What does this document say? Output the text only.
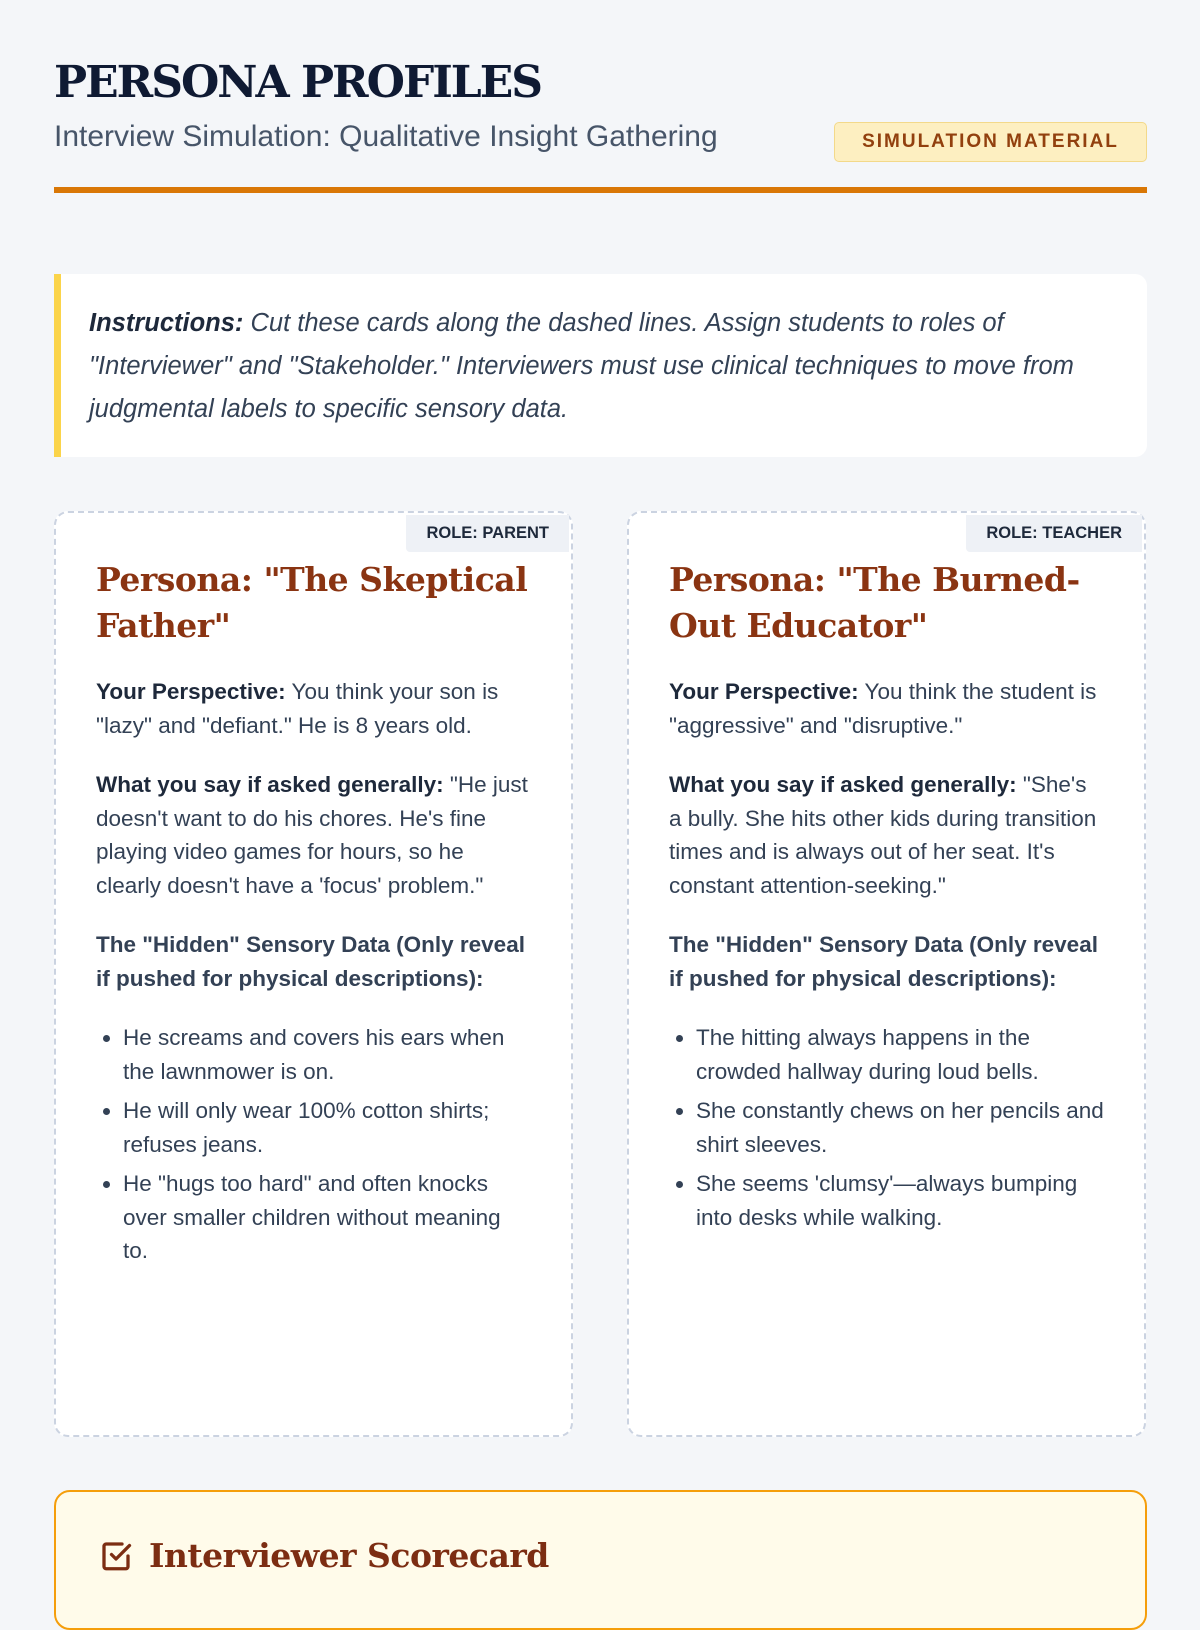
PERSONA PROFILES
Interview Simulation: Qualitative Insight Gathering	SIMULATION MATERIAL
Instructions: Cut these cards along the dashed lines. Assign students to roles of "Interviewer" and "Stakeholder." Interviewers must use clinical techniques to move from judgmental labels to specific sensory data.
ROLE: PARENT
Persona: "The Skeptical Father"

Your Perspective: You think your son is "lazy" and "defiant." He is 8 years old.

What you say if asked generally: "He just doesn't want to do his chores. He's fine playing video games for hours, so he clearly doesn't have a 'focus' problem."

The "Hidden" Sensory Data (Only reveal if pushed for physical descriptions):

• He screams and covers his ears when the lawnmower is on.
• He will only wear 100% cotton shirts; refuses jeans.
• He "hugs too hard" and often knocks over smaller children without meaning to.
ROLE: TEACHER
Persona: "The Burned-Out Educator"

Your Perspective: You think the student is "aggressive" and "disruptive."

What you say if asked generally: "She's a bully. She hits other kids during transition times and is always out of her seat. It's constant attention-seeking."

The "Hidden" Sensory Data (Only reveal if pushed for physical descriptions):

• The hitting always happens in the crowded hallway during loud bells.
• She constantly chews on her pencils and shirt sleeves.
• She seems 'clumsy'—always bumping into desks while walking.
Interviewer Scorecard
